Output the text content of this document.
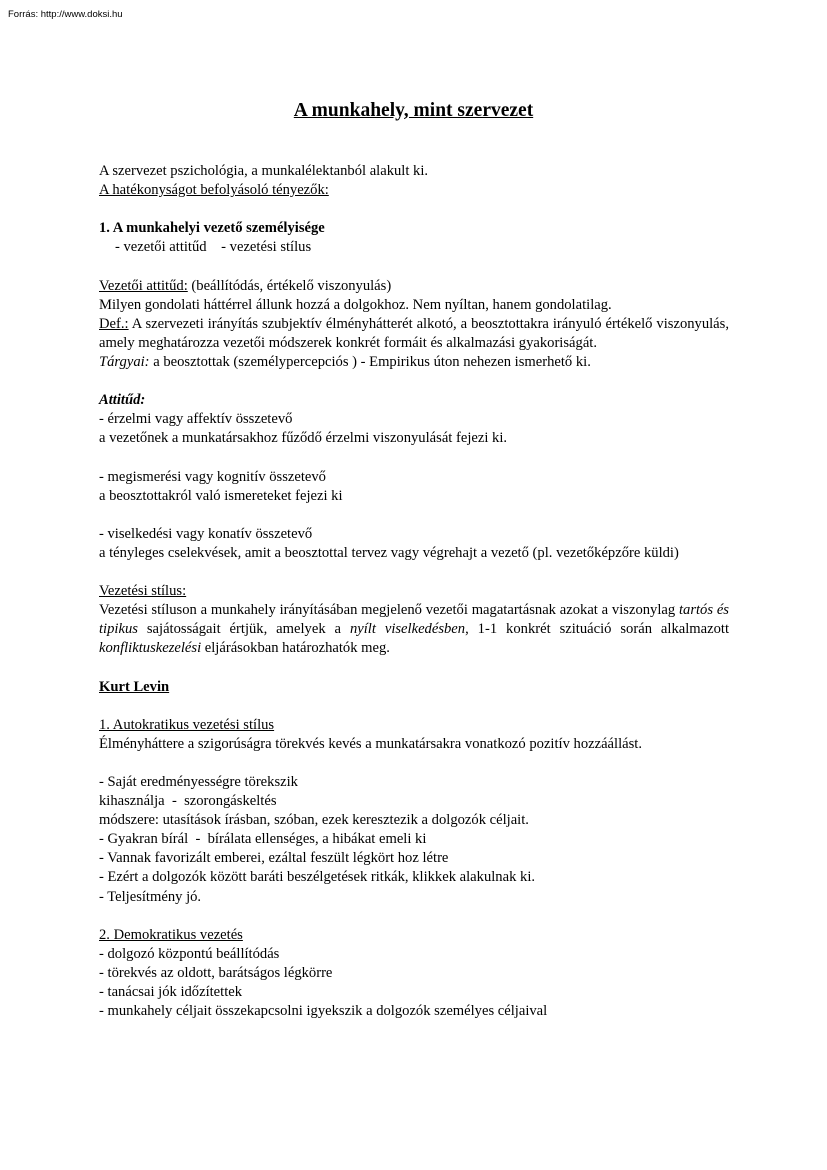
Forrás: http://www.doksi.hu
A munkahely, mint szervezet

A szervezet pszichológia, a munkalélektanból alakult ki.

A hatékonyságot befolyásoló tényezők:

1. A munkahelyi vezető személyisége

- vezetői attitűd    - vezetési stílus

Vezetői attitűd: (beállítódás, értékelő viszonyulás)

Milyen gondolati háttérrel állunk hozzá a dolgokhoz. Nem nyíltan, hanem gondolatilag.

Def.: A szervezeti irányítás szubjektív élményhátterét alkotó, a beosztottakra irányuló értékelő viszonyulás, amely meghatározza vezetői módszerek konkrét formáit és alkalmazási gyakoriságát.

Tárgyai: a beosztottak (személypercepciós ) - Empirikus úton nehezen ismerhető ki.

Attitűd:

- érzelmi vagy affektív összetevő

a vezetőnek a munkatársakhoz fűződő érzelmi viszonyulását fejezi ki.

- megismerési vagy kognitív összetevő

a beosztottakról való ismereteket fejezi ki

- viselkedési vagy konatív összetevő

a tényleges cselekvések, amit a beosztottal tervez vagy végrehajt a vezető (pl. vezetőképzőre küldi)

Vezetési stílus:

Vezetési stíluson a munkahely irányításában megjelenő vezetői magatartásnak azokat a viszonylag tartós és tipikus sajátosságait értjük, amelyek a nyílt viselkedésben, 1-1 konkrét szituáció során alkalmazott konfliktuskezelési eljárásokban határozhatók meg.

Kurt Levin

1. Autokratikus vezetési stílus

Élményháttere a szigorúságra törekvés kevés a munkatársakra vonatkozó pozitív hozzáállást.

- Saját eredményességre törekszik

kihasználja  -  szorongáskeltés

módszere: utasítások írásban, szóban, ezek keresztezik a dolgozók céljait.

- Gyakran bírál  -  bírálata ellenséges, a hibákat emeli ki

- Vannak favorizált emberei, ezáltal feszült légkört hoz létre

- Ezért a dolgozók között baráti beszélgetések ritkák, klikkek alakulnak ki.

- Teljesítmény jó.

2. Demokratikus vezetés

- dolgozó központú beállítódás

- törekvés az oldott, barátságos légkörre

- tanácsai jók időzítettek

- munkahely céljait összekapcsolni igyekszik a dolgozók személyes céljaival
